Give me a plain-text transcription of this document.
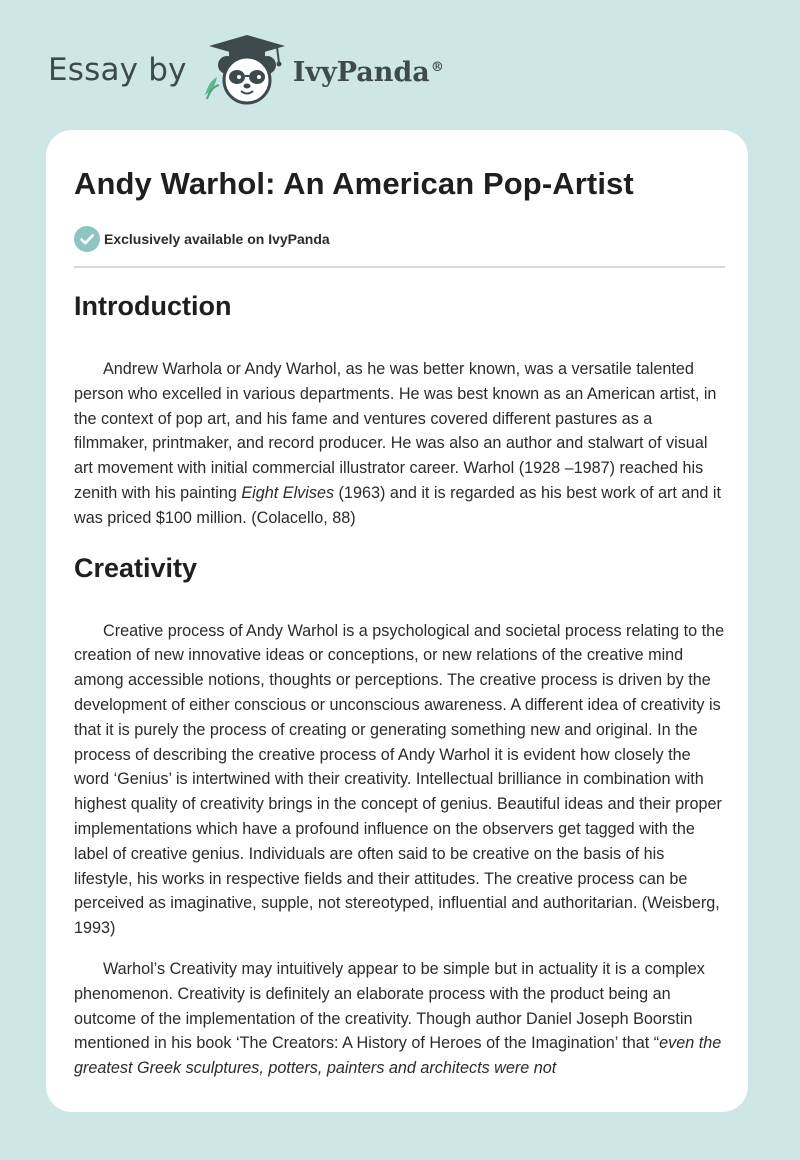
Essay by	IvyPanda®
Andy Warhol: An American Pop-Artist
Exclusively available on IvyPanda
Introduction

Andrew Warhola or Andy Warhol, as he was better known, was a versatile talented person who excelled in various departments. He was best known as an American artist, in the context of pop art, and his fame and ventures covered different pastures as a filmmaker, printmaker, and record producer. He was also an author and stalwart of visual art movement with initial commercial illustrator career. Warhol (1928 –1987) reached his zenith with his painting Eight Elvises (1963) and it is regarded as his best work of art and it was priced $100 million. (Colacello, 88)

Creativity

Creative process of Andy Warhol is a psychological and societal process relating to the creation of new innovative ideas or conceptions, or new relations of the creative mind among accessible notions, thoughts or perceptions. The creative process is driven by the development of either conscious or unconscious awareness. A different idea of creativity is that it is purely the process of creating or generating something new and original. In the process of describing the creative process of Andy Warhol it is evident how closely the word ‘Genius’ is intertwined with their creativity. Intellectual brilliance in combination with highest quality of creativity brings in the concept of genius. Beautiful ideas and their proper implementations which have a profound influence on the observers get tagged with the label of creative genius. Individuals are often said to be creative on the basis of his lifestyle, his works in respective fields and their attitudes. The creative process can be perceived as imaginative, supple, not stereotyped, influential and authoritarian. (Weisberg, 1993)

Warhol’s Creativity may intuitively appear to be simple but in actuality it is a complex phenomenon. Creativity is definitely an elaborate process with the product being an outcome of the implementation of the creativity. Though author Daniel Joseph Boorstin mentioned in his book ‘The Creators: A History of Heroes of the Imagination’ that “even the greatest Greek sculptures, potters, painters and architects were not
